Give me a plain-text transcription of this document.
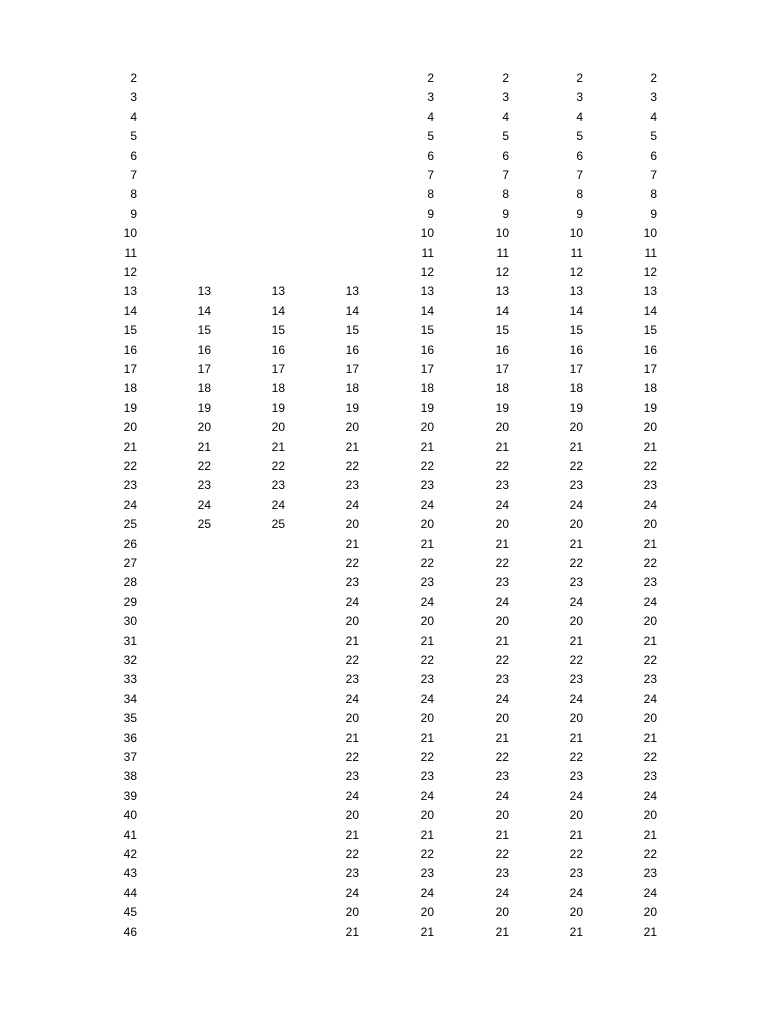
2
3
4
5
6
7
8
9
10
11
12
13
14
15
16
17
18
19
20
21
22
23
24
25
26
27
28
29
30
31
32
33
34
35
36
37
38
39
40
41
42
43
44
45
46
13
14
15
16
17
18
19
20
21
22
23
24
25
13
14
15
16
17
18
19
20
21
22
23
24
25
13
14
15
16
17
18
19
20
21
22
23
24
20
21
22
23
24
20
21
22
23
24
20
21
22
23
24
20
21
22
23
24
20
21
2
3
4
5
6
7
8
9
10
11
12
13
14
15
16
17
18
19
20
21
22
23
24
20
21
22
23
24
20
21
22
23
24
20
21
22
23
24
20
21
22
23
24
20
21
2
3
4
5
6
7
8
9
10
11
12
13
14
15
16
17
18
19
20
21
22
23
24
20
21
22
23
24
20
21
22
23
24
20
21
22
23
24
20
21
22
23
24
20
21
2
3
4
5
6
7
8
9
10
11
12
13
14
15
16
17
18
19
20
21
22
23
24
20
21
22
23
24
20
21
22
23
24
20
21
22
23
24
20
21
22
23
24
20
21
2
3
4
5
6
7
8
9
10
11
12
13
14
15
16
17
18
19
20
21
22
23
24
20
21
22
23
24
20
21
22
23
24
20
21
22
23
24
20
21
22
23
24
20
21
